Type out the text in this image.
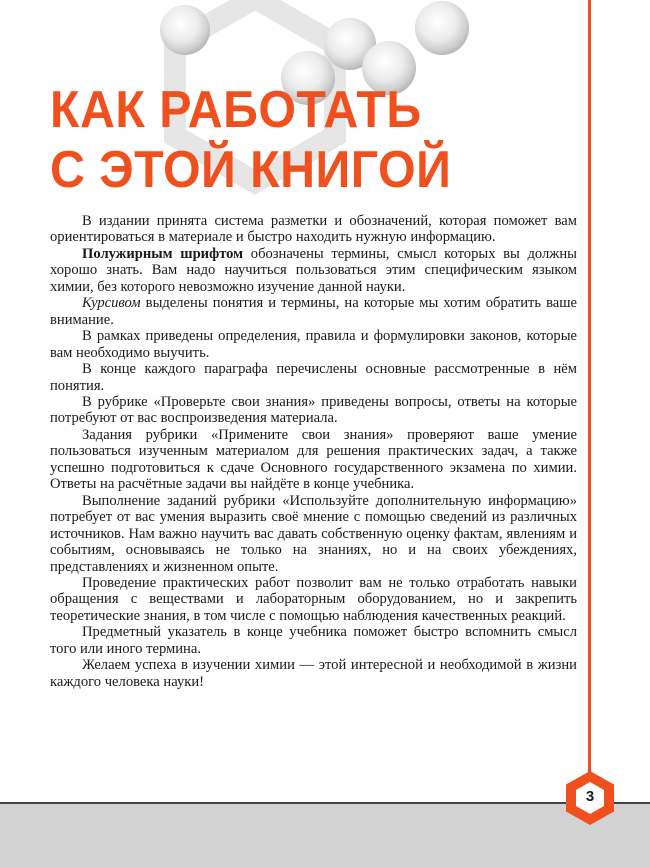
КАК РАБОТАТЬ
С ЭТОЙ КНИГОЙ

В издании принята система разметки и обозначений, которая поможет вам ориентироваться в материале и быстро находить нужную информацию.

Полужирным шрифтом обозначены термины, смысл которых вы должны хорошо знать. Вам надо научиться пользоваться этим специфическим языком химии, без которого невозможно изучение данной науки.

Курсивом выделены понятия и термины, на которые мы хотим обратить ваше внимание.

В рамках приведены определения, правила и формулировки законов, которые вам необходимо выучить.

В конце каждого параграфа перечислены основные рассмотренные в нём понятия.

В рубрике «Проверьте свои знания» приведены вопросы, ответы на которые потребуют от вас воспроизведения материала.

Задания рубрики «Примените свои знания» проверяют ваше умение пользоваться изученным материалом для решения практических задач, а также успешно подготовиться к сдаче Основного государственного экзамена по химии. Ответы на расчётные задачи вы найдёте в конце учебника.

Выполнение заданий рубрики «Используйте дополнительную информацию» потребует от вас умения выразить своё мнение с помощью сведений из различных источников. Нам важно научить вас давать собственную оценку фактам, явлениям и событиям, основываясь не только на знаниях, но и на своих убеждениях, представлениях и жизненном опыте.

Проведение практических работ позволит вам не только отработать навыки обращения с веществами и лабораторным оборудованием, но и закрепить теоретические знания, в том числе с помощью наблюдения качественных реакций.

Предметный указатель в конце учебника поможет быстро вспомнить смысл того или иного термина.

Желаем успеха в изучении химии — этой интересной и необходимой в жизни каждого человека науки!

3
